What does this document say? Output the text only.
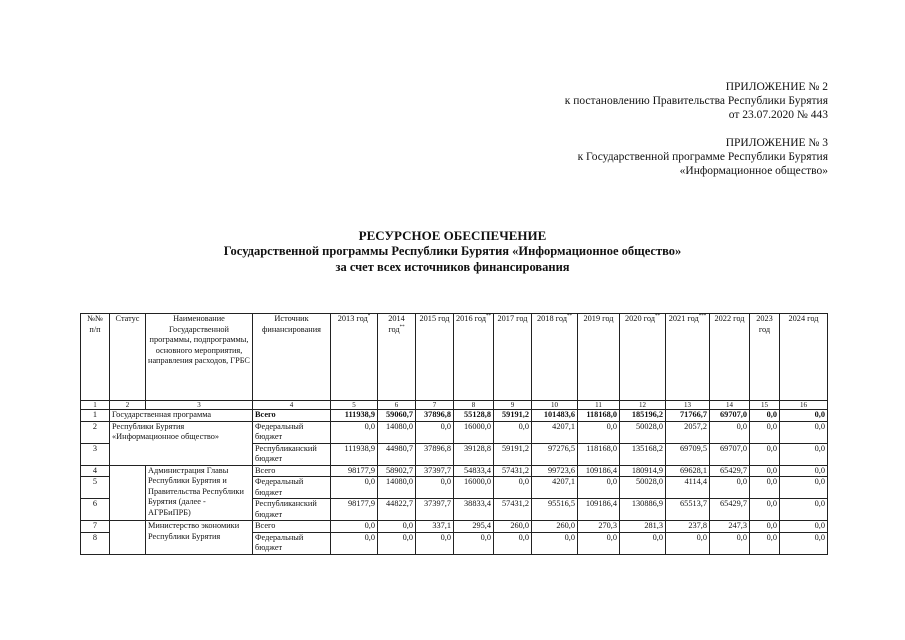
ПРИЛОЖЕНИЕ № 2
к постановлению Правительства Республики Бурятия
от 23.07.2020 № 443
ПРИЛОЖЕНИЕ № 3
к Государственной программе Республики Бурятия
«Информационное общество»
РЕСУРСНОЕ ОБЕСПЕЧЕНИЕ
Государственной программы Республики Бурятия «Информационное общество»
за счет всех источников финансирования
№№ п/п	Статус	Наименование Государственной программы, подпрограммы, основного мероприятия, направления расходов, ГРБС	Источник финансирования	2013 год*	2014 год**	2015 год	2016 год**	2017 год	2018 год**	2019 год	2020 год**	2021 год***	2022 год	2023 год	2024 год
1	2	3	4	5	6	7	8	9	10	11	12	13	14	15	16
1	Государственная программа		Всего	111938,9	59060,7	37896,8	55128,8	59191,2	101483,6	118168,0	185196,2	71766,7	69707,0	0,0	0,0
2	Республики Бурятия «Информационное общество»		Федеральный бюджет	0,0	14080,0	0,0	16000,0	0,0	4207,1	0,0	50028,0	2057,2	0,0	0,0	0,0
3			Республиканский бюджет	111938,9	44980,7	37896,8	39128,8	59191,2	97276,5	118168,0	135168,2	69709,5	69707,0	0,0	0,0
4		Администрация Главы Республики Бурятия и Правительства Республики Бурятия (далее - АГРБиПРБ)	Всего	98177,9	58902,7	37397,7	54833,4	57431,2	99723,6	109186,4	180914,9	69628,1	65429,7	0,0	0,0
5			Федеральный бюджет	0,0	14080,0	0,0	16000,0	0,0	4207,1	0,0	50028,0	4114,4	0,0	0,0	0,0
6			Республиканский бюджет	98177,9	44822,7	37397,7	38833,4	57431,2	95516,5	109186,4	130886,9	65513,7	65429,7	0,0	0,0
7		Министерство экономики Республики Бурятия	Всего	0,0	0,0	337,1	295,4	260,0	260,0	270,3	281,3	237,8	247,3	0,0	0,0
8			Федеральный бюджет	0,0	0,0	0,0	0,0	0,0	0,0	0,0	0,0	0,0	0,0	0,0	0,0
